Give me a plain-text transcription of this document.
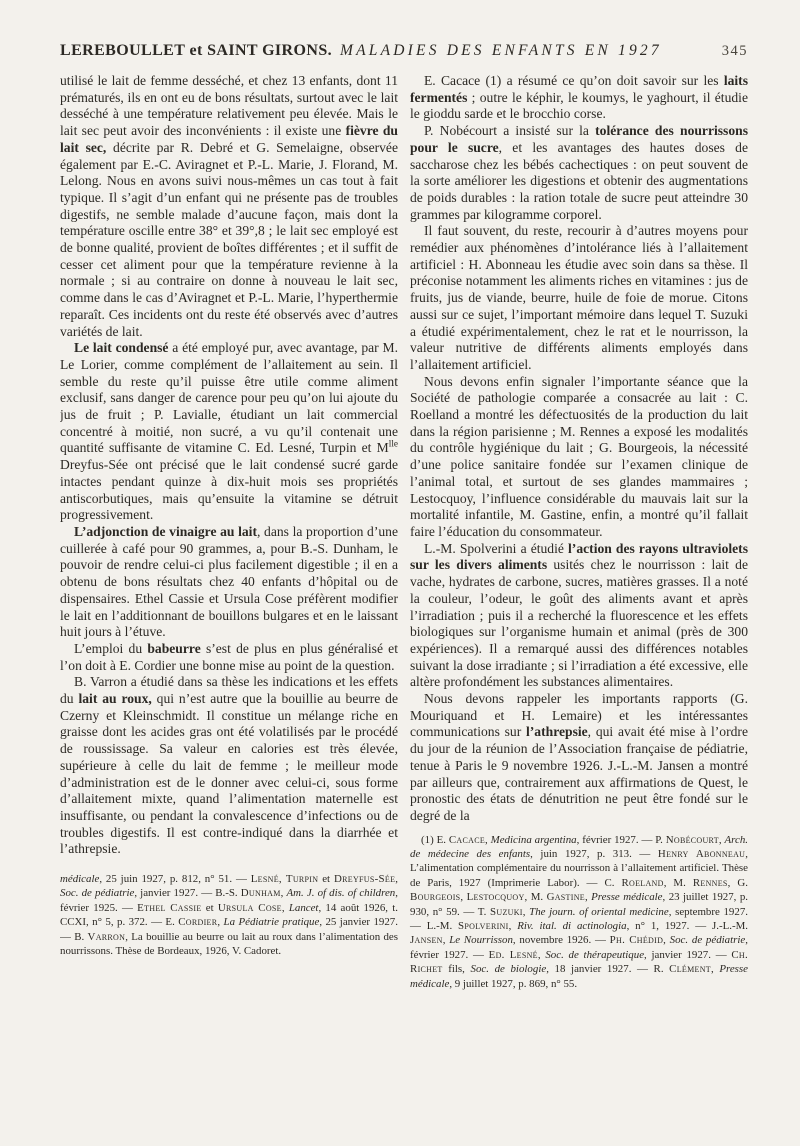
LEREBOULLET et SAINT GIRONS. MALADIES DES ENFANTS EN 1927	345

utilisé le lait de femme desséché, et chez 13 enfants, dont 11 prématurés, ils en ont eu de bons résultats, surtout avec le lait desséché à une température relativement peu élevée. Mais le lait sec peut avoir des inconvénients : il existe une fièvre du lait sec, décrite par R. Debré et G. Semelaigne, observée également par E.-C. Aviragnet et P.-L. Marie, J. Florand, M. Lelong. Nous en avons suivi nous-mêmes un cas tout à fait typique. Il s’agit d’un enfant qui ne présente pas de troubles digestifs, ne semble malade d’aucune façon, mais dont la température oscille entre 38° et 39°,8 ; le lait sec employé est de bonne qualité, provient de boîtes différentes ; et il suffit de cesser cet aliment pour que la température revienne à la normale ; si au contraire on donne à nouveau le lait sec, comme dans le cas d’Aviragnet et P.-L. Marie, l’hyperthermie reparaît. Ces incidents ont du reste été observés avec d’autres variétés de lait.

Le lait condensé a été employé pur, avec avantage, par M. Le Lorier, comme complément de l’allaitement au sein. Il semble du reste qu’il puisse être utile comme aliment exclusif, sans danger de carence pour peu qu’on lui ajoute du jus de fruit ; P. Lavialle, étudiant un lait commercial concentré à moitié, non sucré, a vu qu’il contenait une quantité suffisante de vitamine C. Ed. Lesné, Turpin et $M^{lle}$ Dreyfus-Sée ont précisé que le lait condensé sucré garde intactes pendant quinze à dix-huit mois ses propriétés antiscorbutiques, mais qu’ensuite la vitamine se détruit progressivement.

L’adjonction de vinaigre au lait, dans la proportion d’une cuillerée à café pour 90 grammes, a, pour B.-S. Dunham, le pouvoir de rendre celui-ci plus facilement digestible ; il en a obtenu de bons résultats chez 40 enfants d’hôpital ou de dispensaires. Ethel Cassie et Ursula Cose préfèrent modifier le lait en l’additionnant de bouillons bulgares et en le laissant huit jours à l’étuve.

L’emploi du babeurre s’est de plus en plus généralisé et l’on doit à E. Cordier une bonne mise au point de la question.

B. Varron a étudié dans sa thèse les indications et les effets du lait au roux, qui n’est autre que la bouillie au beurre de Czerny et Kleinschmidt. Il constitue un mélange riche en graisse dont les acides gras ont été volatilisés par le procédé de roussissage. Sa valeur en calories est très élevée, supérieure à celle du lait de femme ; le meilleur mode d’administration est de le donner avec celui-ci, sous forme d’allaitement mixte, quand l’alimentation maternelle est insuffisante, ou pendant la convalescence d’infections ou de troubles digestifs. Il est contre-indiqué dans la diarrhée et l’athrepsie.

médicale, 25 juin 1927, p. 812, n° 51. — Lesné, Turpin et Dreyfus-Sée, Soc. de pédiatrie, janvier 1927. — B.-S. Dunham, Am. J. of dis. of children, février 1925. — Ethel Cassie et Ursula Cose, Lancet, 14 août 1926, t. CCXI, n° 5, p. 372. — E. Cordier, La Pédiatrie pratique, 25 janvier 1927. — B. Varron, La bouillie au beurre ou lait au roux dans l’alimentation des nourrissons. Thèse de Bordeaux, 1926, V. Cadoret.

E. Cacace (1) a résumé ce qu’on doit savoir sur les laits fermentés ; outre le képhir, le koumys, le yaghourt, il étudie le gioddu sarde et le brocchio corse.

P. Nobécourt a insisté sur la tolérance des nourrissons pour le sucre, et les avantages des hautes doses de saccharose chez les bébés cachectiques : on peut souvent de la sorte améliorer les digestions et obtenir des augmentations de poids durables : la ration totale de sucre peut atteindre 30 grammes par kilogramme corporel.

Il faut souvent, du reste, recourir à d’autres moyens pour remédier aux phénomènes d’intolérance liés à l’allaitement artificiel : H. Abonneau les étudie avec soin dans sa thèse. Il préconise notamment les aliments riches en vitamines : jus de fruits, jus de viande, beurre, huile de foie de morue. Citons aussi sur ce sujet, l’important mémoire dans lequel T. Suzuki a étudié expérimentalement, chez le rat et le nourrisson, la valeur nutritive de différents aliments employés dans l’allaitement artificiel.

Nous devons enfin signaler l’importante séance que la Société de pathologie comparée a consacrée au lait : C. Roelland a montré les défectuosités de la production du lait dans la région parisienne ; M. Rennes a exposé les modalités du contrôle hygiénique du lait ; G. Bourgeois, la nécessité d’une police sanitaire fondée sur l’examen clinique de l’animal total, et surtout de ses glandes mammaires ; Lestocquoy, l’influence considérable du mauvais lait sur la mortalité infantile, M. Gastine, enfin, a montré qu’il fallait faire l’éducation du consommateur.

L.-M. Spolverini a étudié l’action des rayons ultraviolets sur les divers aliments usités chez le nourrisson : lait de vache, hydrates de carbone, sucres, matières grasses. Il a noté la couleur, l’odeur, le goût des aliments avant et après l’irradiation ; puis il a recherché la fluorescence et les effets biologiques sur l’organisme humain et animal (près de 300 expériences). Il a remarqué aussi des différences notables suivant la dose irradiante ; si l’irradiation a été excessive, elle altère profondément les substances alimentaires.

Nous devons rappeler les importants rapports (G. Mouriquand et H. Lemaire) et les intéressantes communications sur l’athrepsie, qui avait été mise à l’ordre du jour de la réunion de l’Association française de pédiatrie, tenue à Paris le 9 novembre 1926. J.-L.-M. Jansen a montré par ailleurs que, contrairement aux affirmations de Quest, le pronostic des états de dénutrition ne peut être fondé sur le degré de la

(1) E. Cacace, Medicina argentina, février 1927. — P. Nobécourt, Arch. de médecine des enfants, juin 1927, p. 313. — Henry Abonneau, L’alimentation complémentaire du nourrisson à l’allaitement artificiel. Thèse de Paris, 1927 (Imprimerie Labor). — C. Roeland, M. Rennes, G. Bourgeois, Lestocquoy, M. Gastine, Presse médicale, 23 juillet 1927, p. 930, n° 59. — T. Suzuki, The journ. of oriental medicine, septembre 1927. — L.-M. Spolverini, Riv. ital. di actinologia, n° 1, 1927. — J.-L.-M. Jansen, Le Nourrisson, novembre 1926. — Ph. Chédid, Soc. de pédiatrie, février 1927. — Ed. Lesné, Soc. de thérapeutique, janvier 1927. — Ch. Richet fils, Soc. de biologie, 18 janvier 1927. — R. Clément, Presse médicale, 9 juillet 1927, p. 869, n° 55.
